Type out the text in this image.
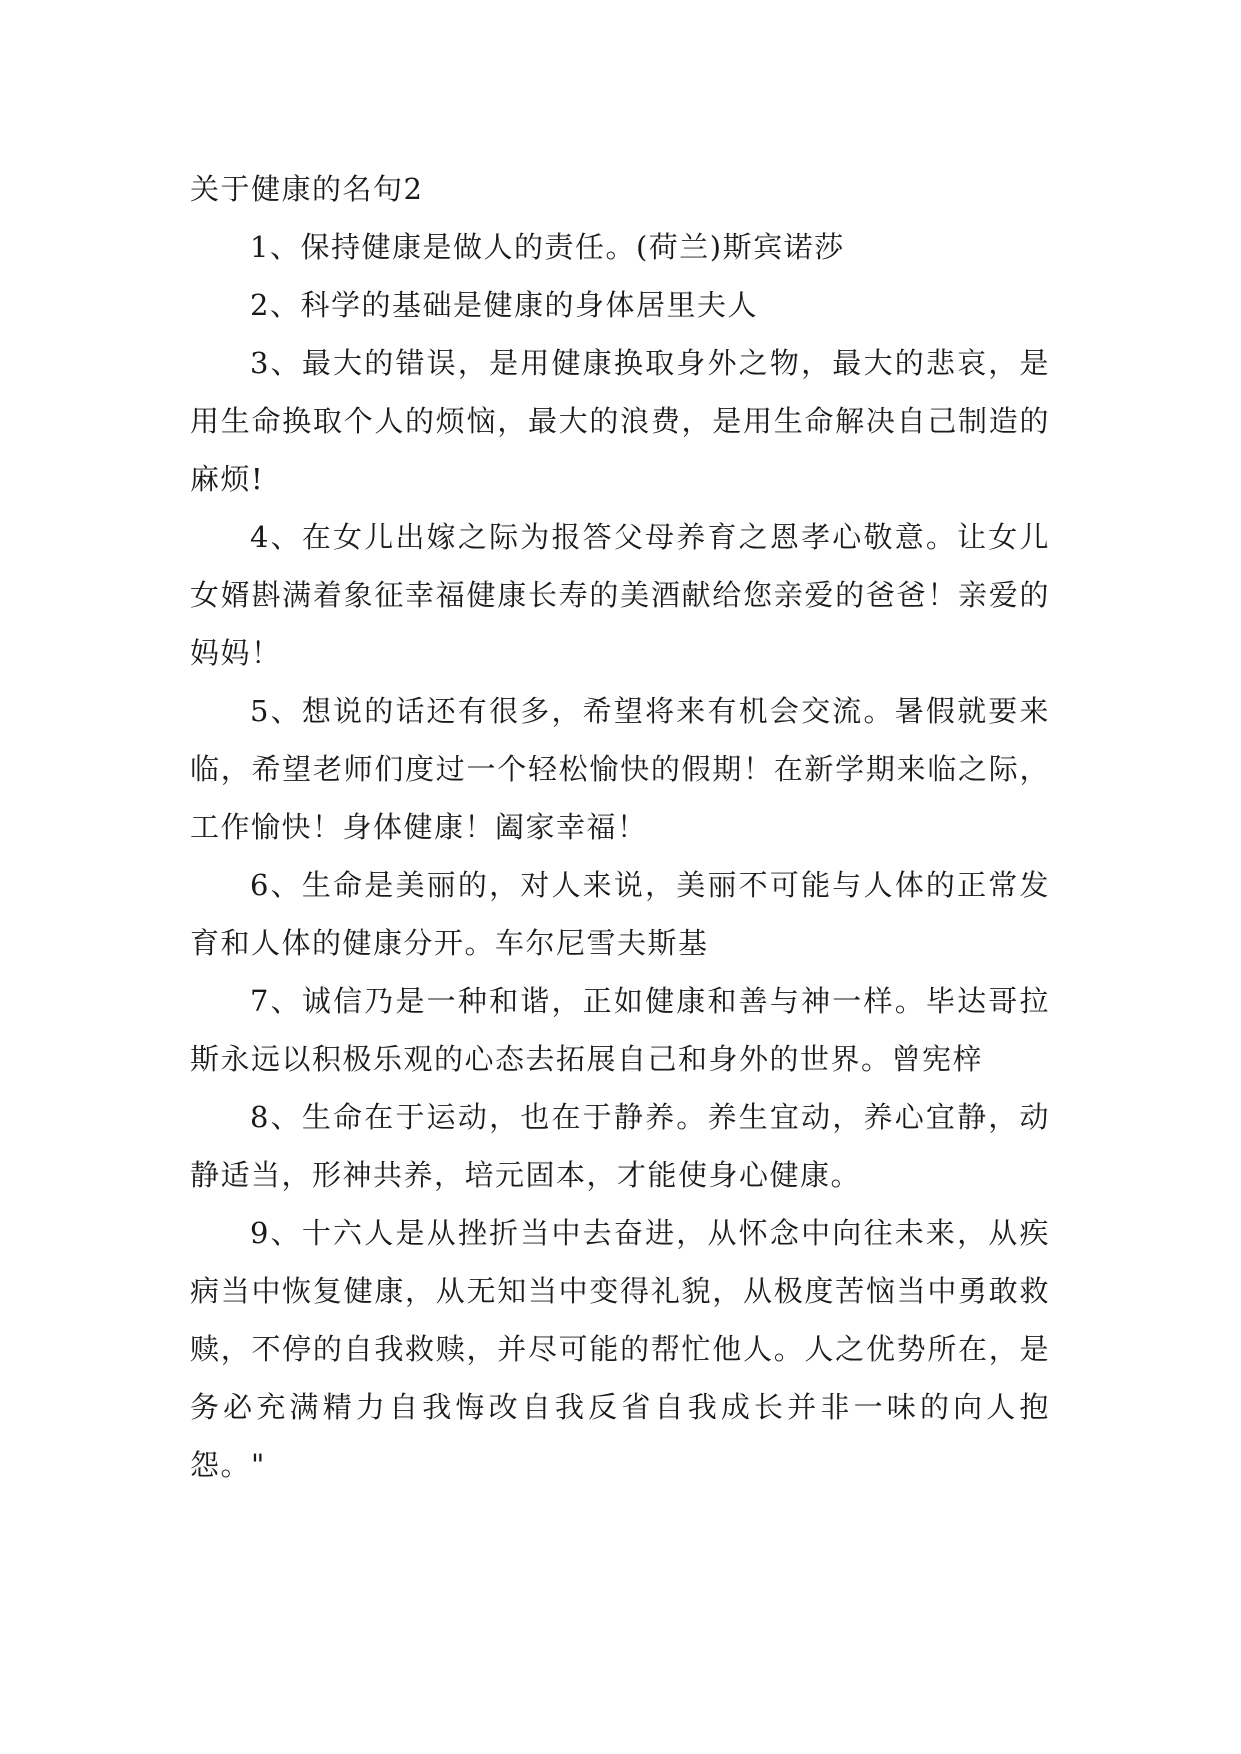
关于健康的名句2

1、保持健康是做人的责任。(荷兰)斯宾诺莎

2、科学的基础是健康的身体居里夫人

3、最大的错误，是用健康换取身外之物，最大的悲哀，是用生命换取个人的烦恼，最大的浪费，是用生命解决自己制造的麻烦!

4、在女儿出嫁之际为报答父母养育之恩孝心敬意。让女儿女婿斟满着象征幸福健康长寿的美酒献给您亲爱的爸爸！亲爱的妈妈！

5、想说的话还有很多，希望将来有机会交流。暑假就要来临，希望老师们度过一个轻松愉快的假期！在新学期来临之际，工作愉快！身体健康！阖家幸福！

6、生命是美丽的，对人来说，美丽不可能与人体的正常发育和人体的健康分开。车尔尼雪夫斯基

7、诚信乃是一种和谐，正如健康和善与神一样。毕达哥拉斯永远以积极乐观的心态去拓展自己和身外的世界。曾宪梓

8、生命在于运动，也在于静养。养生宜动，养心宜静，动静适当，形神共养，培元固本，才能使身心健康。

9、十六人是从挫折当中去奋进，从怀念中向往未来，从疾病当中恢复健康，从无知当中变得礼貌，从极度苦恼当中勇敢救赎，不停的自我救赎，并尽可能的帮忙他人。人之优势所在，是务必充满精力自我悔改自我反省自我成长并非一味的向人抱怨。"
